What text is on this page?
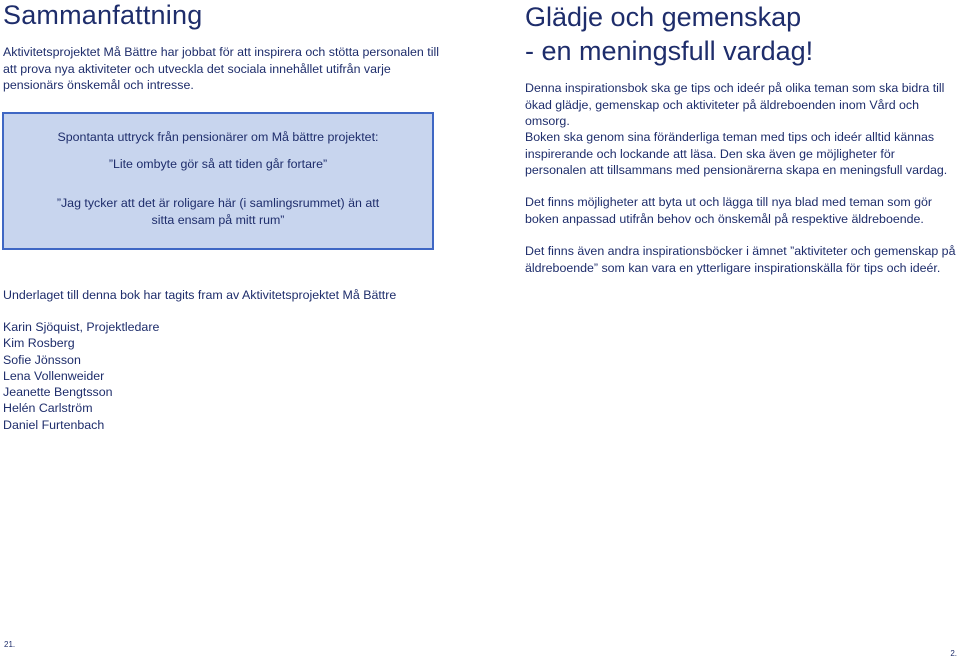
Sammanfattning

Aktivitetsprojektet Må Bättre har jobbat för att inspirera och stötta personalen till att prova nya aktiviteter och utveckla det sociala innehållet utifrån varje pensionärs önskemål och intresse.

Spontanta uttryck från pensionärer om Må bättre projektet:

”Lite ombyte gör så att tiden går fortare”

”Jag tycker att det är roligare här (i samlingsrummet) än att sitta ensam på mitt rum”

Underlaget till denna bok har tagits fram av Aktivitetsprojektet Må Bättre

Karin Sjöquist, Projektledare
Kim Rosberg
Sofie Jönsson
Lena Vollenweider
Jeanette Bengtsson
Helén Carlström
Daniel Furtenbach
21.
Glädje och gemenskap
- en meningsfull vardag!

Denna inspirationsbok ska ge tips och ideér på olika teman som ska bidra till ökad glädje, gemenskap och aktiviteter på äldreboenden inom Vård och omsorg.

Boken ska genom sina föränderliga teman med tips och ideér alltid kännas inspirerande och lockande att läsa. Den ska även ge möjligheter för personalen att tillsammans med pensionärerna skapa en meningsfull vardag.

Det finns möjligheter att byta ut och lägga till nya blad med teman som gör boken anpassad utifrån behov och önskemål på respektive äldreboende.

Det finns även andra inspirationsböcker i ämnet ”aktiviteter och gemenskap på äldreboende” som kan vara en ytterligare inspirationskälla för tips och ideér.

2.
